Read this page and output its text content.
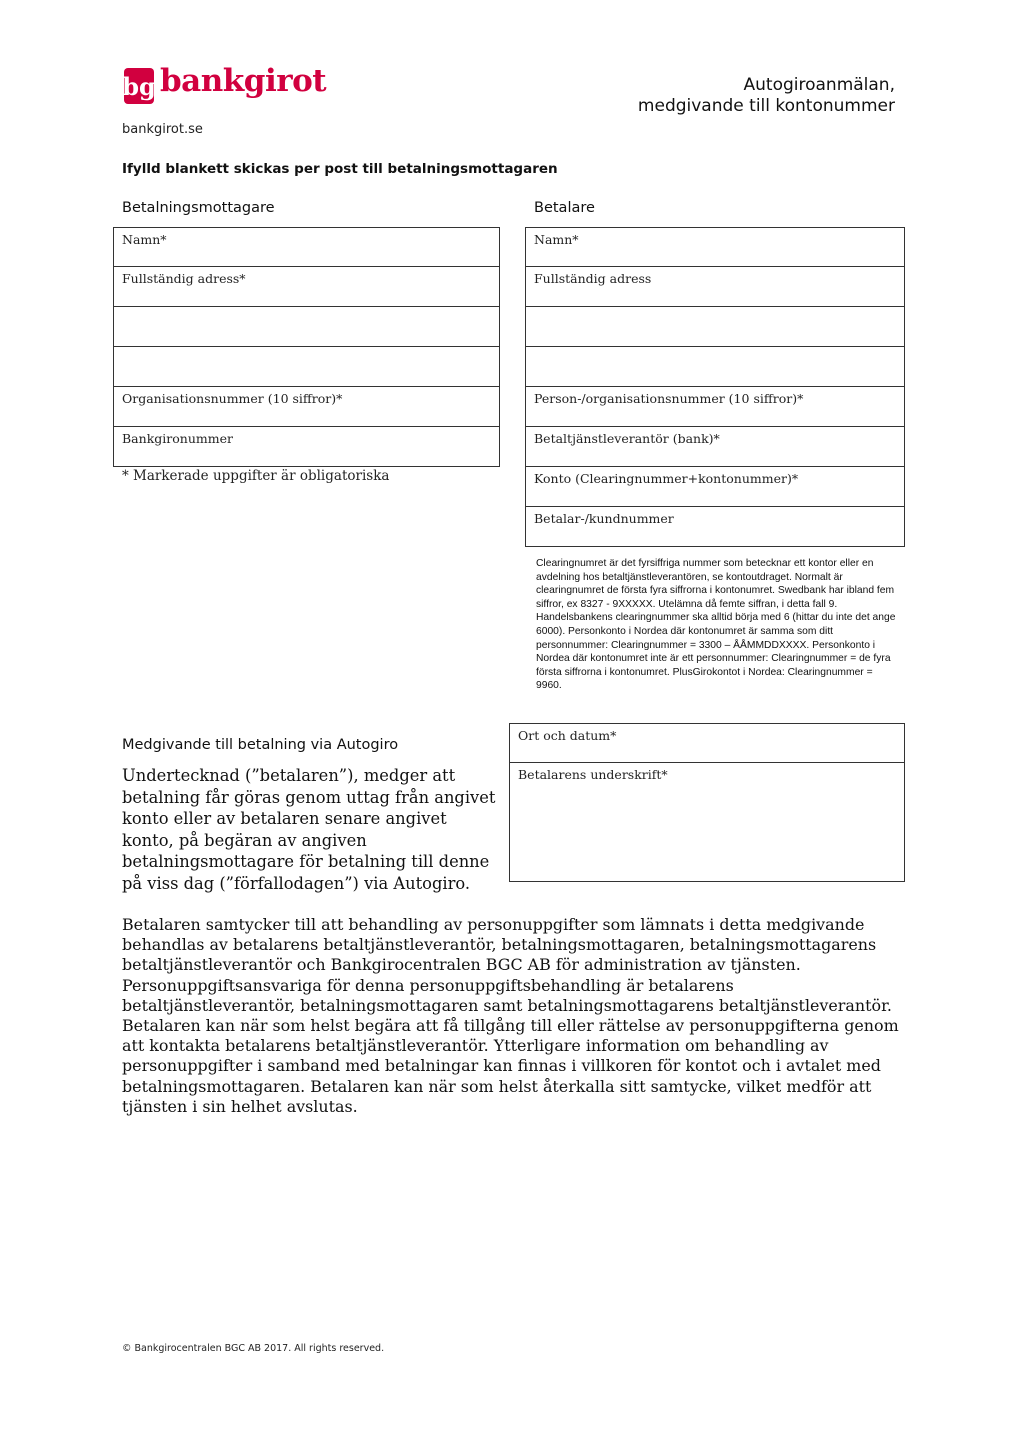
bg bankgirot
bankgirot.se
Autogiroanmälan,
medgivande till kontonummer
Ifylld blankett skickas per post till betalningsmottagaren
Betalningsmottagare	Betalare
Namn*
Fullständig adress*
Organisationsnummer (10 siffror)*
Bankgironummer
* Markerade uppgifter är obligatoriska
Namn*
Fullständig adress
Person-/organisationsnummer (10 siffror)*
Betaltjänstleverantör (bank)*
Konto (Clearingnummer+kontonummer)*
Betalar-/kundnummer
Clearingnumret är det fyrsiffriga nummer som betecknar ett kontor eller en avdelning hos betaltjänstleverantören, se kontoutdraget. Normalt är clearingnumret de första fyra siffrorna i kontonumret. Swedbank har ibland fem siffror, ex 8327 - 9XXXXX. Utelämna då femte siffran, i detta fall 9. Handelsbankens clearingnummer ska alltid börja med 6 (hittar du inte det ange 6000). Personkonto i Nordea där kontonumret är samma som ditt personnummer: Clearingnummer = 3300 – ÅÅMMDDXXXX. Personkonto i Nordea där kontonumret inte är ett personnummer: Clearingnummer = de fyra första siffrorna i kontonumret. PlusGirokontot i Nordea: Clearingnummer = 9960.
Medgivande till betalning via Autogiro
Undertecknad (”betalaren”), medger att betalning får göras genom uttag från angivet konto eller av betalaren senare angivet konto, på begäran av angiven betalningsmottagare för betalning till denne på viss dag (”förfallodagen”) via Autogiro.
Ort och datum*
Betalarens underskrift*
Betalaren samtycker till att behandling av personuppgifter som lämnats i detta medgivande behandlas av betalarens betaltjänstleverantör, betalningsmottagaren, betalningsmottagarens betaltjänstleverantör och Bankgirocentralen BGC AB för administration av tjänsten. Personuppgiftsansvariga för denna personuppgiftsbehandling är betalarens betaltjänstleverantör, betalningsmottagaren samt betalningsmottagarens betaltjänstleverantör. Betalaren kan när som helst begära att få tillgång till eller rättelse av personuppgifterna genom att kontakta betalarens betaltjänstleverantör. Ytterligare information om behandling av personuppgifter i samband med betalningar kan finnas i villkoren för kontot och i avtalet med betalningsmottagaren. Betalaren kan när som helst återkalla sitt samtycke, vilket medför att tjänsten i sin helhet avslutas.
© Bankgirocentralen BGC AB 2017. All rights reserved.
